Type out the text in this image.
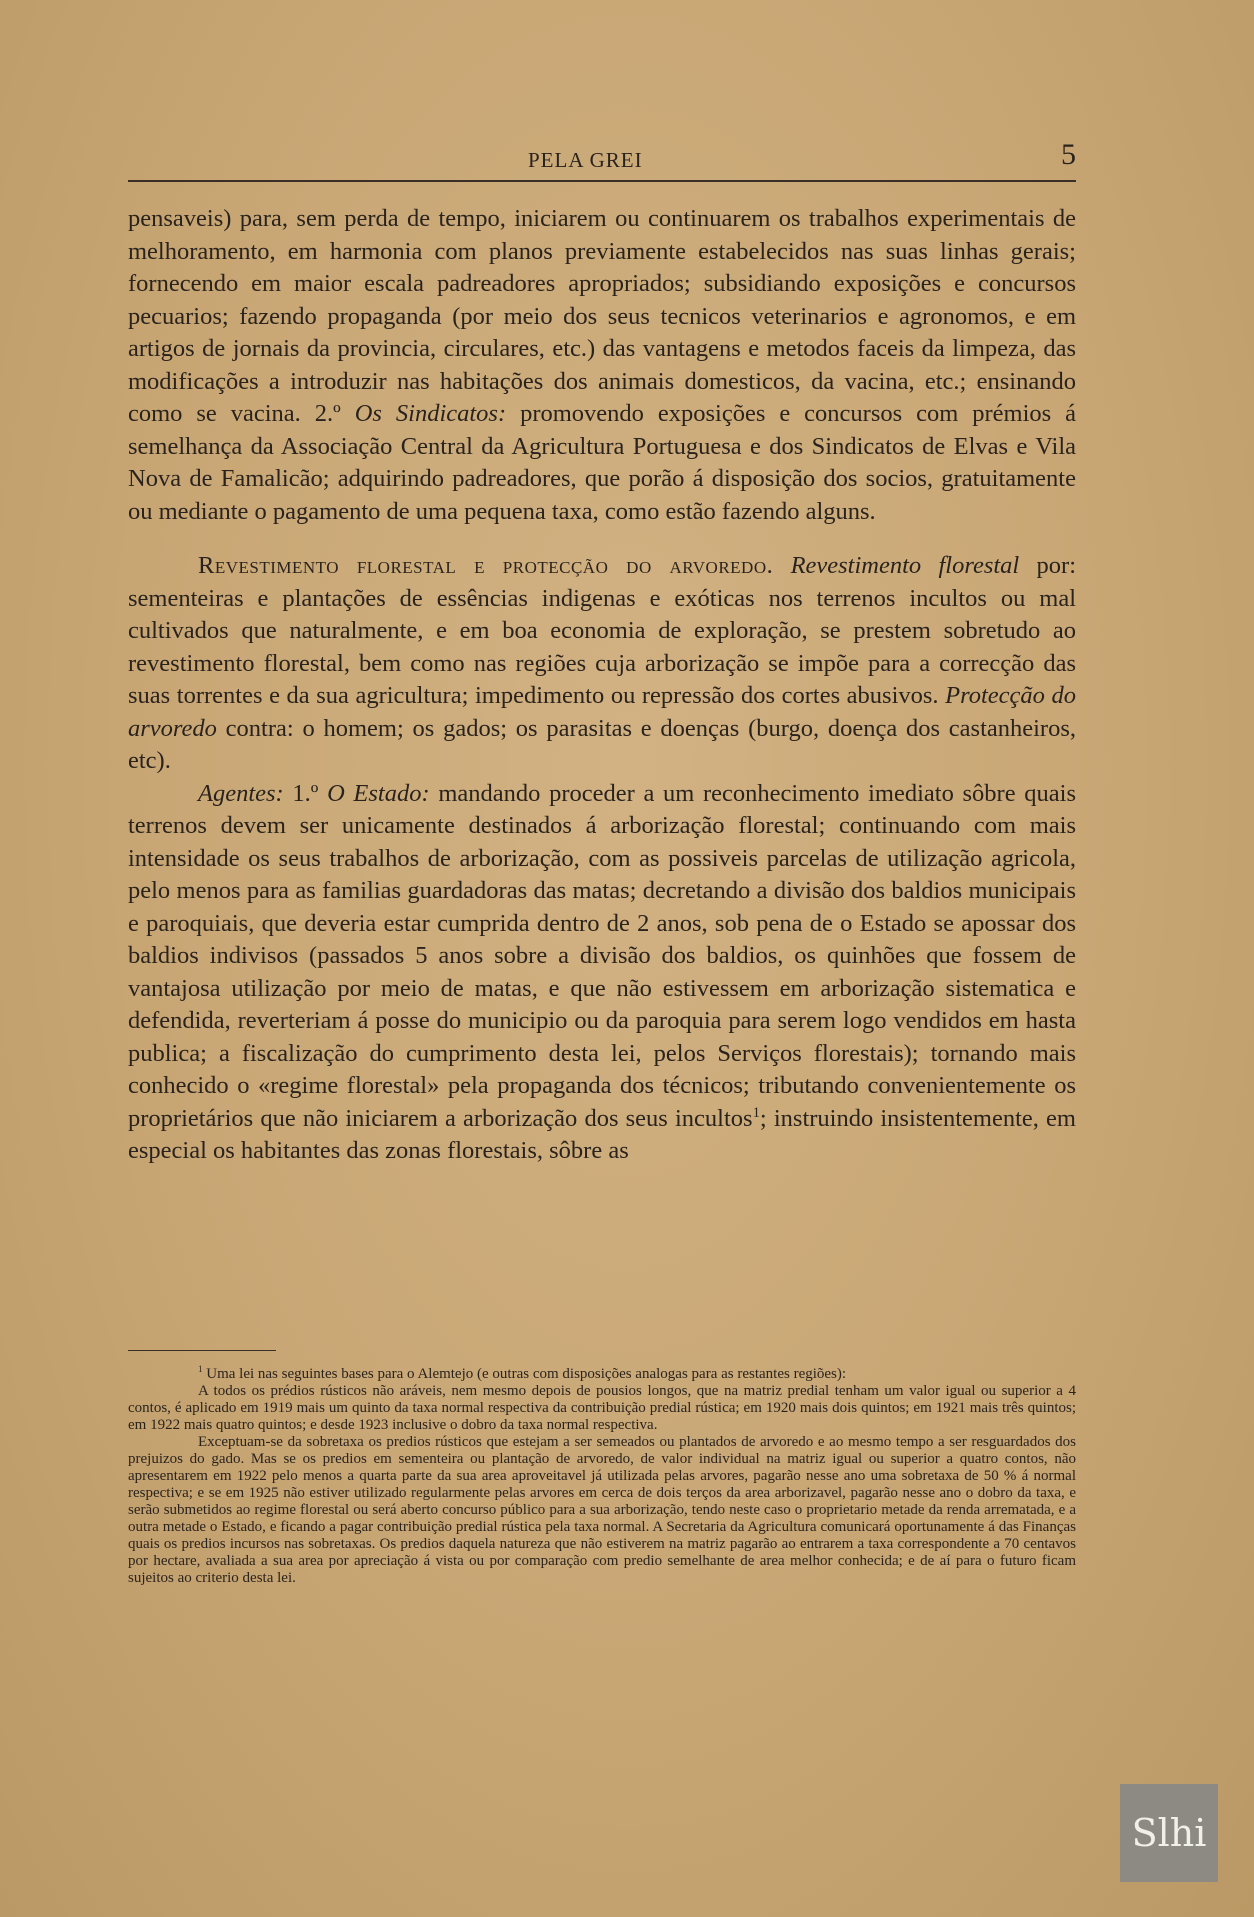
PELA GREI	5

pensaveis) para, sem perda de tempo, iniciarem ou continuarem os trabalhos experimentais de melhoramento, em harmonia com planos previamente estabelecidos nas suas linhas gerais; fornecendo em maior escala padreadores apropriados; subsidiando exposições e concursos pecuarios; fazendo propaganda (por meio dos seus tecnicos veterinarios e agronomos, e em artigos de jornais da provincia, circulares, etc.) das vantagens e metodos faceis da limpeza, das modificações a introduzir nas habitações dos animais domesticos, da vacina, etc.; ensinando como se vacina. 2.º Os Sindicatos: promovendo exposições e concursos com prémios á semelhança da Associação Central da Agricultura Portuguesa e dos Sindicatos de Elvas e Vila Nova de Famalicão; adquirindo padreadores, que porão á disposição dos socios, gratuitamente ou mediante o pagamento de uma pequena taxa, como estão fazendo alguns.

Revestimento florestal e protecção do arvoredo. Revestimento florestal por: sementeiras e plantações de essências indigenas e exóticas nos terrenos incultos ou mal cultivados que naturalmente, e em boa economia de exploração, se prestem sobretudo ao revestimento florestal, bem como nas regiões cuja arborização se impõe para a correcção das suas torrentes e da sua agricultura; impedimento ou repressão dos cortes abusivos. Protecção do arvoredo contra: o homem; os gados; os parasitas e doenças (burgo, doença dos castanheiros, etc).

Agentes: 1.º O Estado: mandando proceder a um reconhecimento imediato sôbre quais terrenos devem ser unicamente destinados á arborização florestal; continuando com mais intensidade os seus trabalhos de arborização, com as possiveis parcelas de utilização agricola, pelo menos para as familias guardadoras das matas; decretando a divisão dos baldios municipais e paroquiais, que deveria estar cumprida dentro de 2 anos, sob pena de o Estado se apossar dos baldios indivisos (passados 5 anos sobre a divisão dos baldios, os quinhões que fossem de vantajosa utilização por meio de matas, e que não estivessem em arborização sistematica e defendida, reverteriam á posse do municipio ou da paroquia para serem logo vendidos em hasta publica; a fiscalização do cumprimento desta lei, pelos Serviços florestais); tornando mais conhecido o «regime florestal» pela propaganda dos técnicos; tributando convenientemente os proprietários que não iniciarem a arborização dos seus incultos$^1$; instruindo insistentemente, em especial os habitantes das zonas florestais, sôbre as

$^1$ Uma lei nas seguintes bases para o Alemtejo (e outras com disposições analogas para as restantes regiões):

A todos os prédios rústicos não aráveis, nem mesmo depois de pousios longos, que na matriz predial tenham um valor igual ou superior a 4 contos, é aplicado em 1919 mais um quinto da taxa normal respectiva da contribuição predial rústica; em 1920 mais dois quintos; em 1921 mais três quintos; em 1922 mais quatro quintos; e desde 1923 inclusive o dobro da taxa normal respectiva.

Exceptuam-se da sobretaxa os predios rústicos que estejam a ser semeados ou plantados de arvoredo e ao mesmo tempo a ser resguardados dos prejuizos do gado. Mas se os predios em sementeira ou plantação de arvoredo, de valor individual na matriz igual ou superior a quatro contos, não apresentarem em 1922 pelo menos a quarta parte da sua area aproveitavel já utilizada pelas arvores, pagarão nesse ano uma sobretaxa de 50 % á normal respectiva; e se em 1925 não estiver utilizado regularmente pelas arvores em cerca de dois terços da area arborizavel, pagarão nesse ano o dobro da taxa, e serão submetidos ao regime florestal ou será aberto concurso público para a sua arborização, tendo neste caso o proprietario metade da renda arrematada, e a outra metade o Estado, e ficando a pagar contribuição predial rústica pela taxa normal. A Secretaria da Agricultura comunicará oportunamente á das Finanças quais os predios incursos nas sobretaxas. Os predios daquela natureza que não estiverem na matriz pagarão ao entrarem a taxa correspondente a 70 centavos por hectare, avaliada a sua area por apreciação á vista ou por comparação com predio semelhante de area melhor conhecida; e de aí para o futuro ficam sujeitos ao criterio desta lei.

Slhi
